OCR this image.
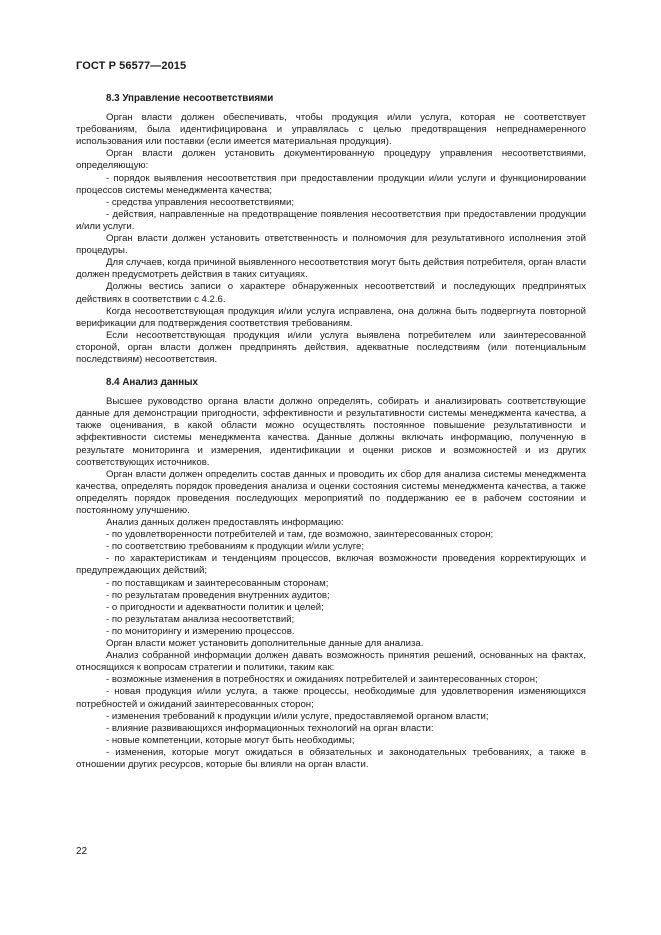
ГОСТ Р 56577—2015
8.3 Управление несоответствиями

Орган власти должен обеспечивать, чтобы продукция и/или услуга, которая не соответствует требованиям, была идентифицирована и управлялась с целью предотвращения непреднамеренного использования или поставки (если имеется материальная продукция).

Орган власти должен установить документированную процедуру управления несоответствиями, определяющую:

- порядок выявления несоответствия при предоставлении продукции и/или услуги и функционировании процессов системы менеджмента качества;

- средства управления несоответствиями;

- действия, направленные на предотвращение появления несоответствия при предоставлении продукции и/или услуги.

Орган власти должен установить ответственность и полномочия для результативного исполнения этой процедуры.

Для случаев, когда причиной выявленного несоответствия могут быть действия потребителя, орган власти должен предусмотреть действия в таких ситуациях.

Должны вестись записи о характере обнаруженных несоответствий и последующих предпринятых действиях в соответствии с 4.2.6.

Когда несоответствующая продукция и/или услуга исправлена, она должна быть подвергнута повторной верификации для подтверждения соответствия требованиям.

Если несоответствующая продукция и/или услуга выявлена потребителем или заинтересованной стороной, орган власти должен предпринять действия, адекватные последствиям (или потенциальным последствиям) несоответствия.

8.4 Анализ данных

Высшее руководство органа власти должно определять, собирать и анализировать соответствующие данные для демонстрации пригодности, эффективности и результативности системы менеджмента качества, а также оценивания, в какой области можно осуществлять постоянное повышение результативности и эффективности системы менеджмента качества. Данные должны включать информацию, полученную в результате мониторинга и измерения, идентификации и оценки рисков и возможностей и из других соответствующих источников.

Орган власти должен определить состав данных и проводить их сбор для анализа системы менеджмента качества, определять порядок проведения анализа и оценки состояния системы менеджмента качества, а также определять порядок проведения последующих мероприятий по поддержанию ее в рабочем состоянии и постоянному улучшению.

Анализ данных должен предоставлять информацию:

- по удовлетворенности потребителей и там, где возможно, заинтересованных сторон;

- по соответствию требованиям к продукции и/или услуге;

- по характеристикам и тенденциям процессов, включая возможности проведения корректирующих и предупреждающих действий;

- по поставщикам и заинтересованным сторонам;

- по результатам проведения внутренних аудитов;

- о пригодности и адекватности политик и целей;

- по результатам анализа несоответствий;

- по мониторингу и измерению процессов.

Орган власти может установить дополнительные данные для анализа.

Анализ собранной информации должен давать возможность принятия решений, основанных на фактах, относящихся к вопросам стратегии и политики, таким как:

- возможные изменения в потребностях и ожиданиях потребителей и заинтересованных сторон;

- новая продукция и/или услуга, а также процессы, необходимые для удовлетворения изменяющихся потребностей и ожиданий заинтересованных сторон;

- изменения требований к продукции и/или услуге, предоставляемой органом власти;

- влияние развивающихся информационных технологий на орган власти:

- новые компетенции, которые могут быть необходимы;

- изменения, которые могут ожидаться в обязательных и законодательных требованиях, а также в отношении других ресурсов, которые бы влияли на орган власти.

22
